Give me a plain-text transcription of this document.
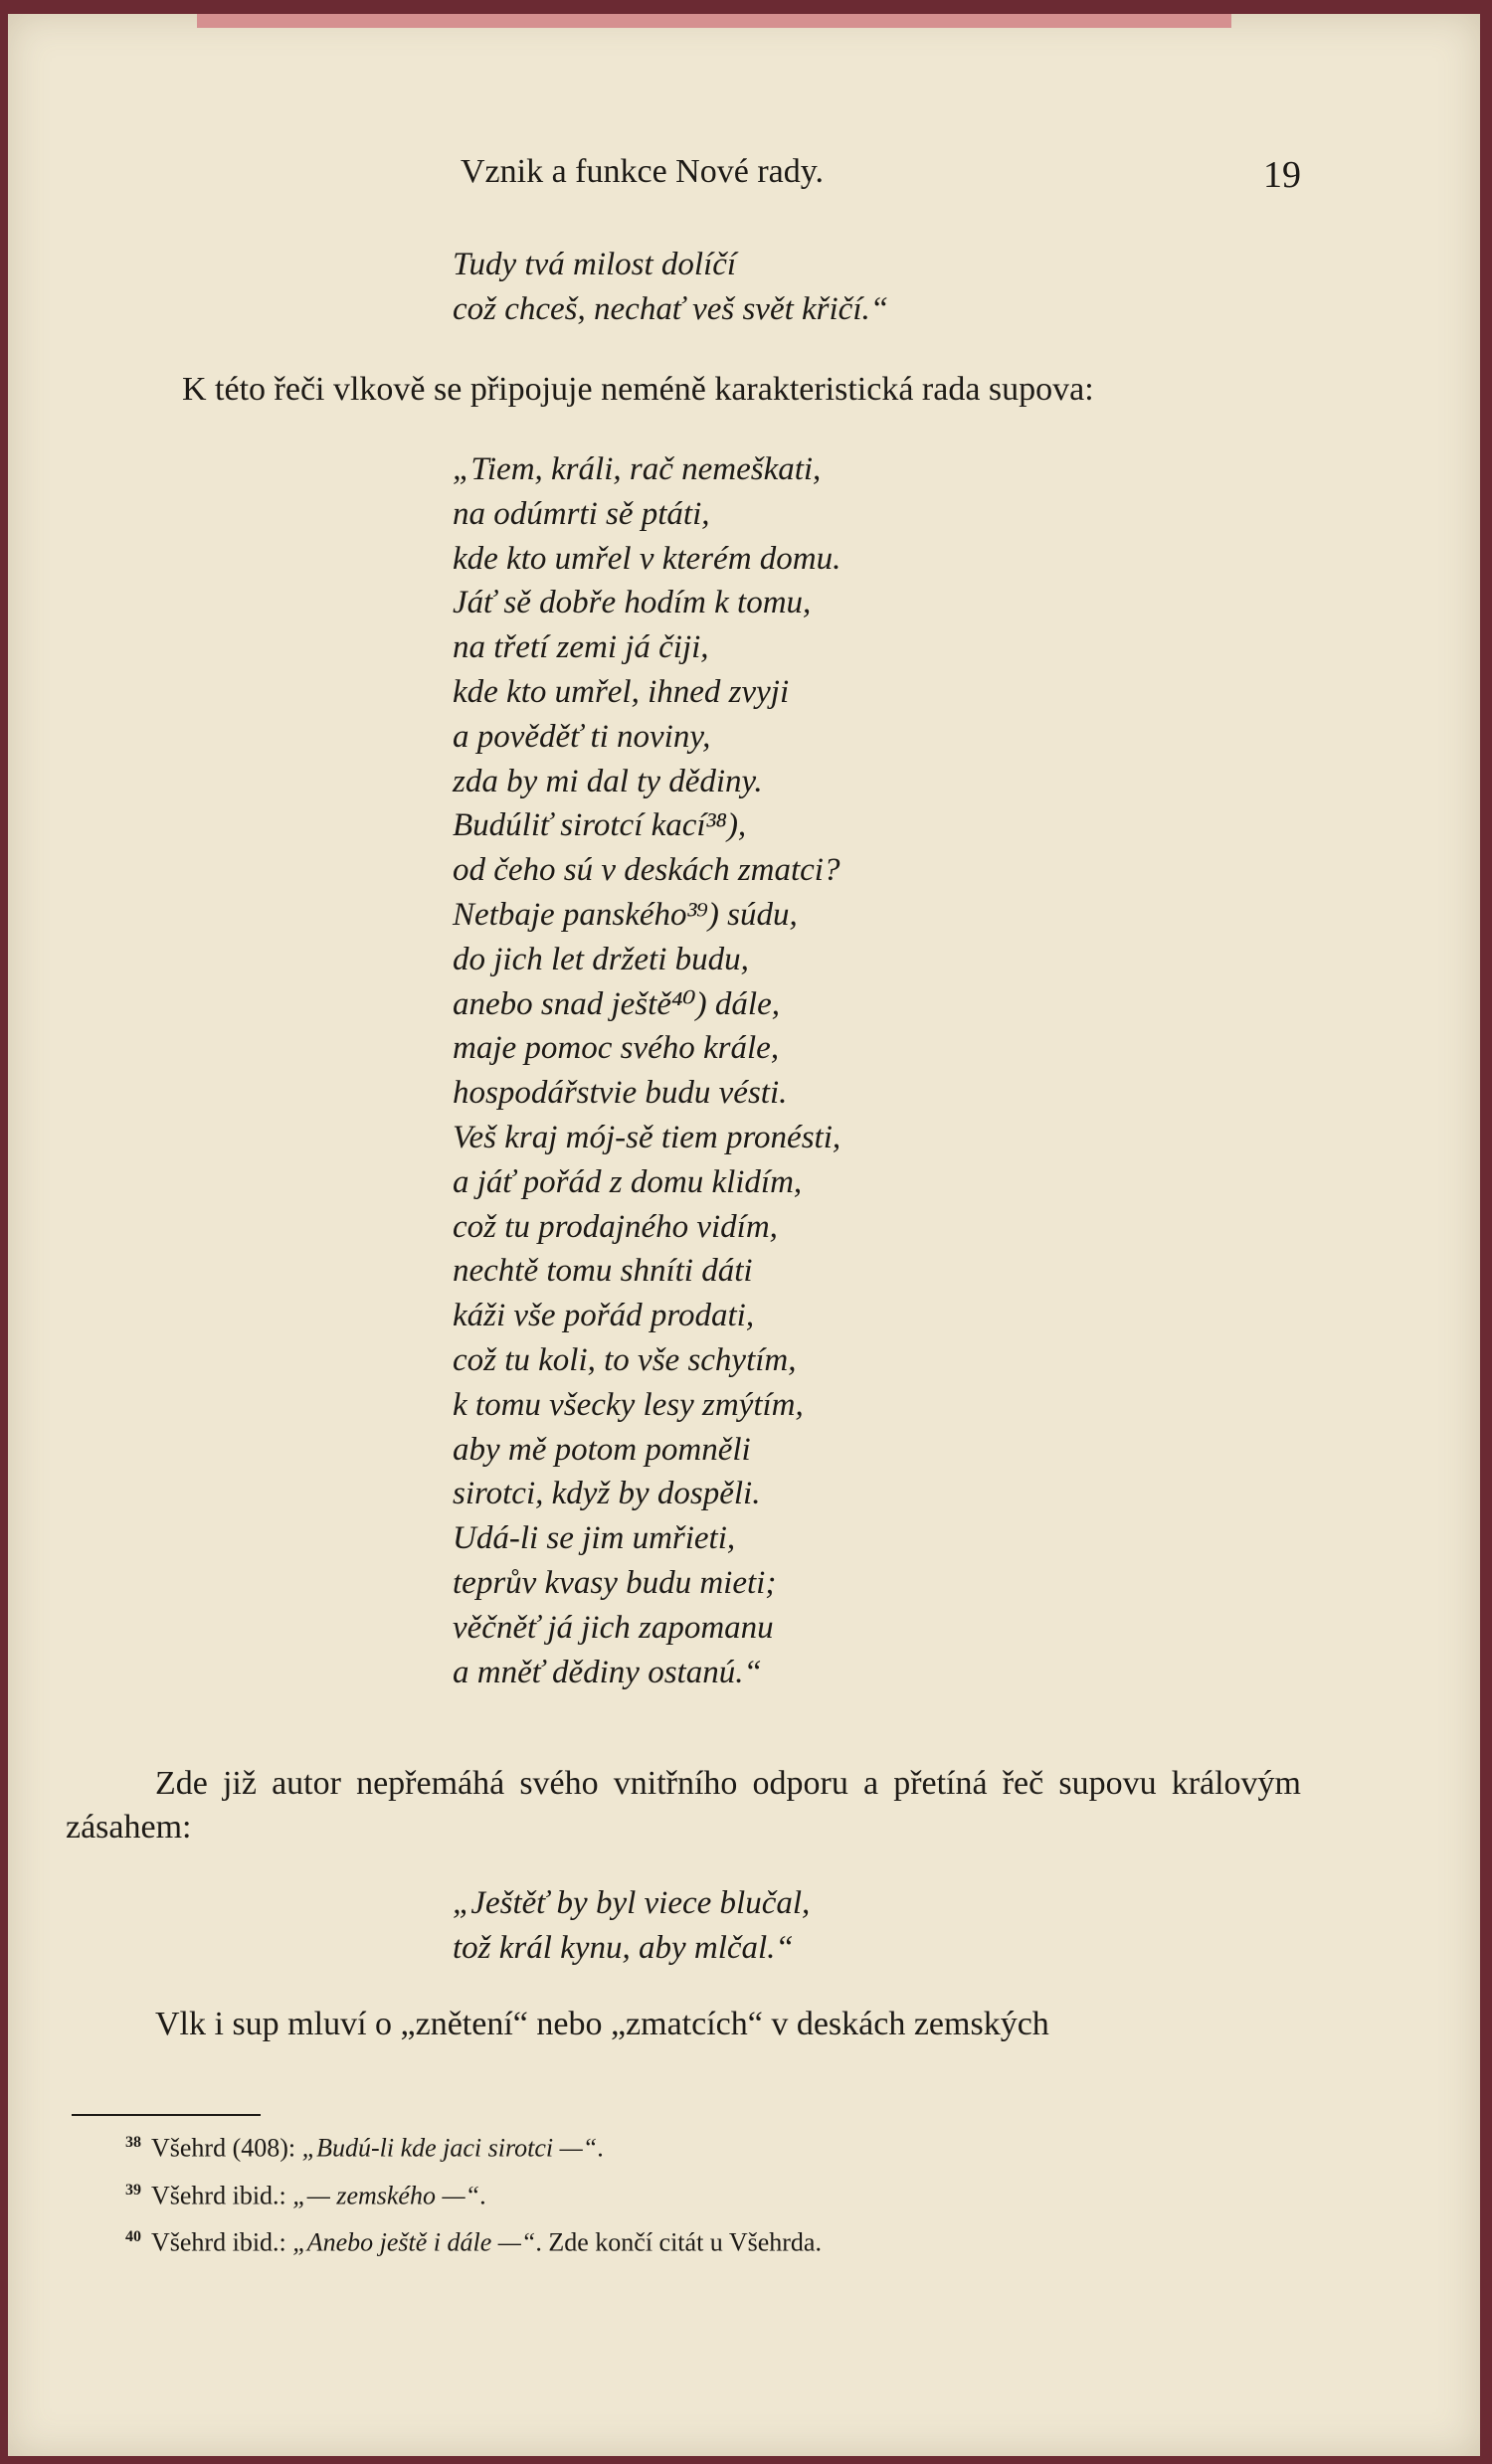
Vznik a funkce Nové rady.	19
Tudy tvá milost dolíčí
což chceš, nechať veš svět křičí.“

K této řeči vlkově se připojuje neméně karakteristická rada supova:

„Tiem, králi, rač nemeškati,
na odúmrti sě ptáti,
kde kto umřel v kterém domu.
Jáť sě dobře hodím k tomu,
na třetí zemi já čiji,
kde kto umřel, ihned zvyji
a pověděť ti noviny,
zda by mi dal ty dědiny.
Budúliť sirotcí kací³⁸),
od čeho sú v deskách zmatci?
Netbaje panského³⁹) súdu,
do jich let držeti budu,
anebo snad ještě⁴⁰) dále,
maje pomoc svého krále,
hospodářstvie budu vésti.
Veš kraj mój-sě tiem pronésti,
a jáť pořád z domu klidím,
což tu prodajného vidím,
nechtě tomu shníti dáti
káži vše pořád prodati,
což tu koli, to vše schytím,
k tomu všecky lesy zmýtím,
aby mě potom pomněli
sirotci, když by dospěli.
Udá-li se jim umřieti,
teprův kvasy budu mieti;
věčněť já jich zapomanu
a mněť dědiny ostanú.“

Zde již autor nepřemáhá svého vnitřního odporu a přetíná řeč supovu královým zásahem:

„Ještěť by byl viece blučal,
tož král kynu, aby mlčal.“

Vlk i sup mluví o „znětení“ nebo „zmatcích“ v deskách zemských

$^{38}$ Všehrd (408): „Budú-li kde jaci sirotci —“.
$^{39}$ Všehrd ibid.: „— zemského —“.
$^{40}$ Všehrd ibid.: „Anebo ještě i dále —“. Zde končí citát u Všehrda.
